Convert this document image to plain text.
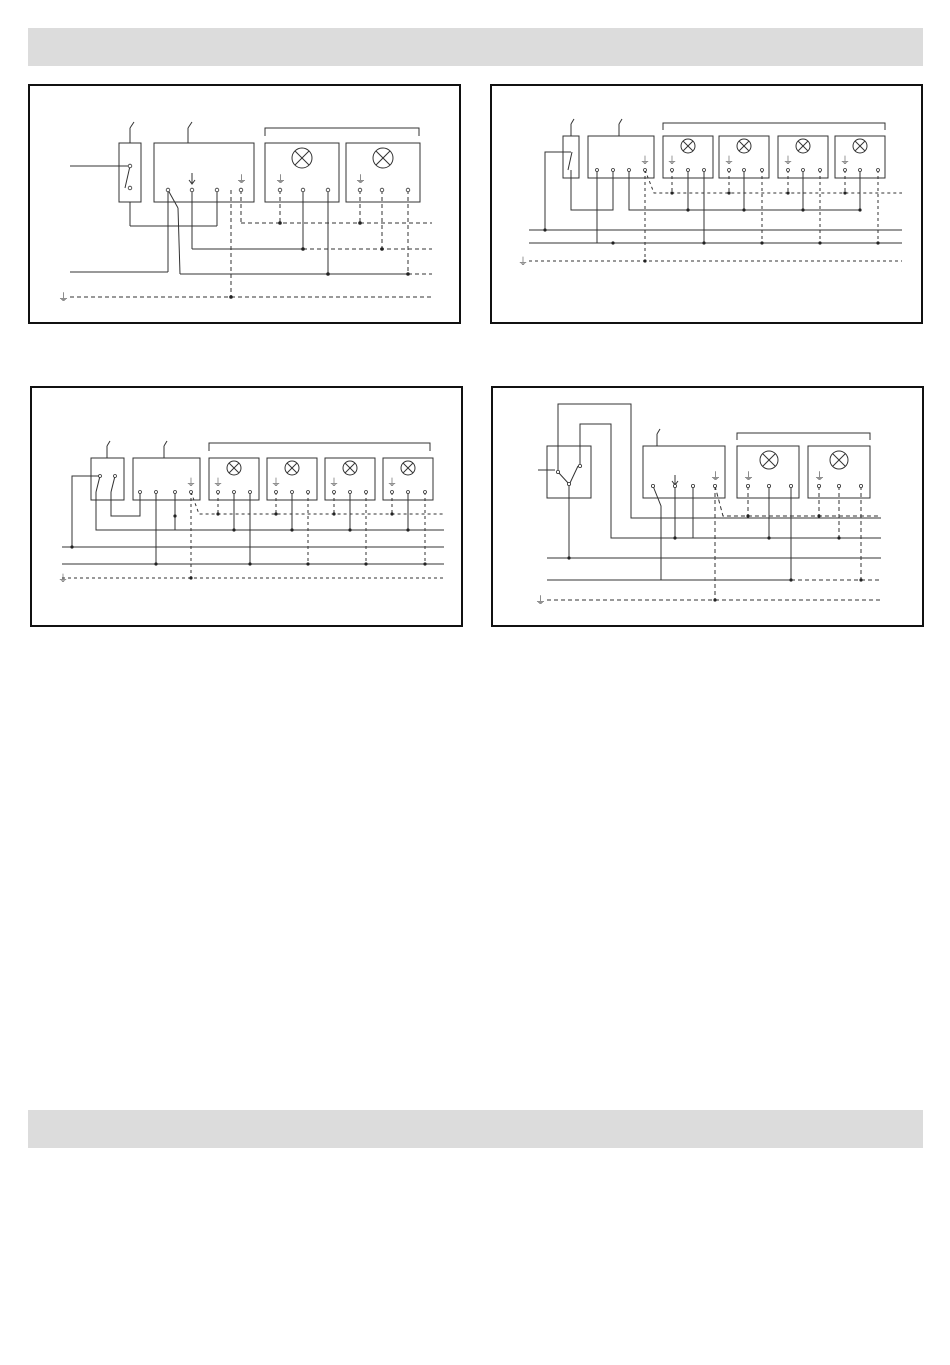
⏚	⏚	⏚
⏚
⏚ ⏚	⏚	⏚	⏚
⏚
⏚ ⏚	⏚	⏚	⏚
⏚
⏚ ⏚	⏚
⏚
